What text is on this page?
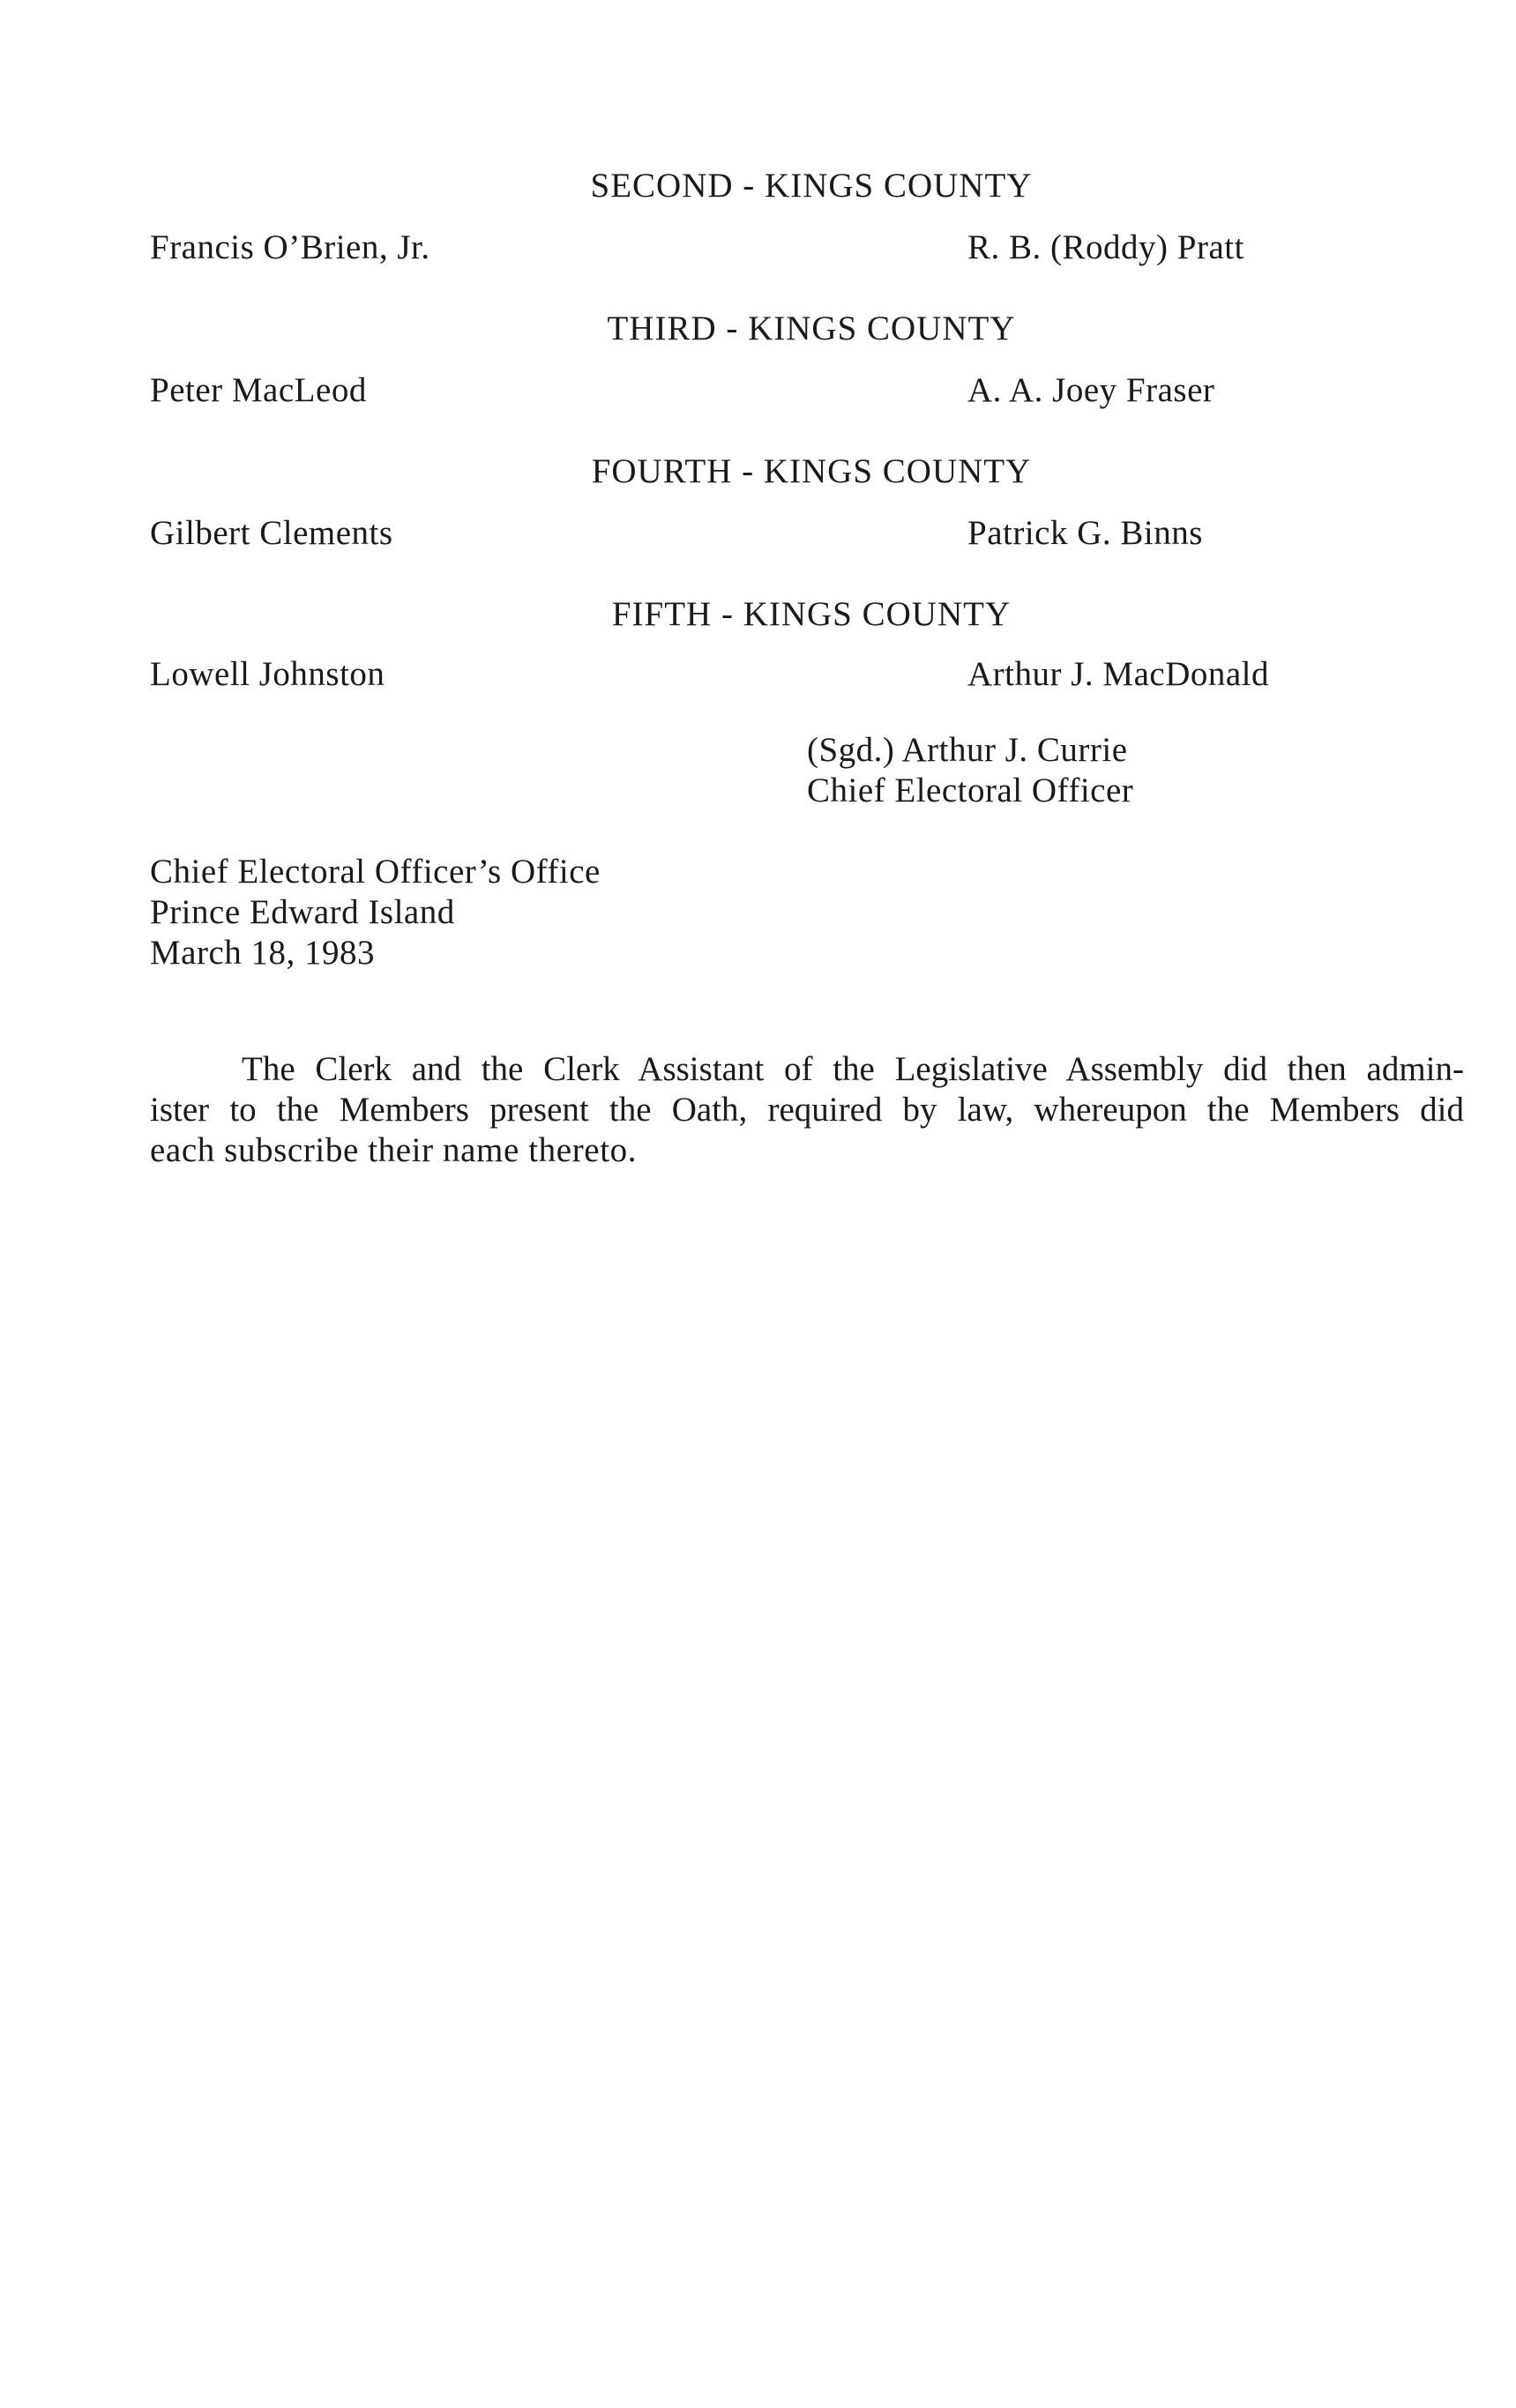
SECOND - KINGS COUNTY
Francis O’Brien, Jr.	R. B. (Roddy) Pratt
THIRD - KINGS COUNTY
Peter MacLeod	A. A. Joey Fraser
FOURTH - KINGS COUNTY
Gilbert Clements	Patrick G. Binns
FIFTH - KINGS COUNTY
Lowell Johnston	Arthur J. MacDonald
(Sgd.) Arthur J. Currie
Chief Electoral Officer
Chief Electoral Officer’s Office
Prince Edward Island
March 18, 1983
The Clerk and the Clerk Assistant of the Legislative Assembly did then admin-
ister to the Members present the Oath, required by law, whereupon the Members did
each subscribe their name thereto.
